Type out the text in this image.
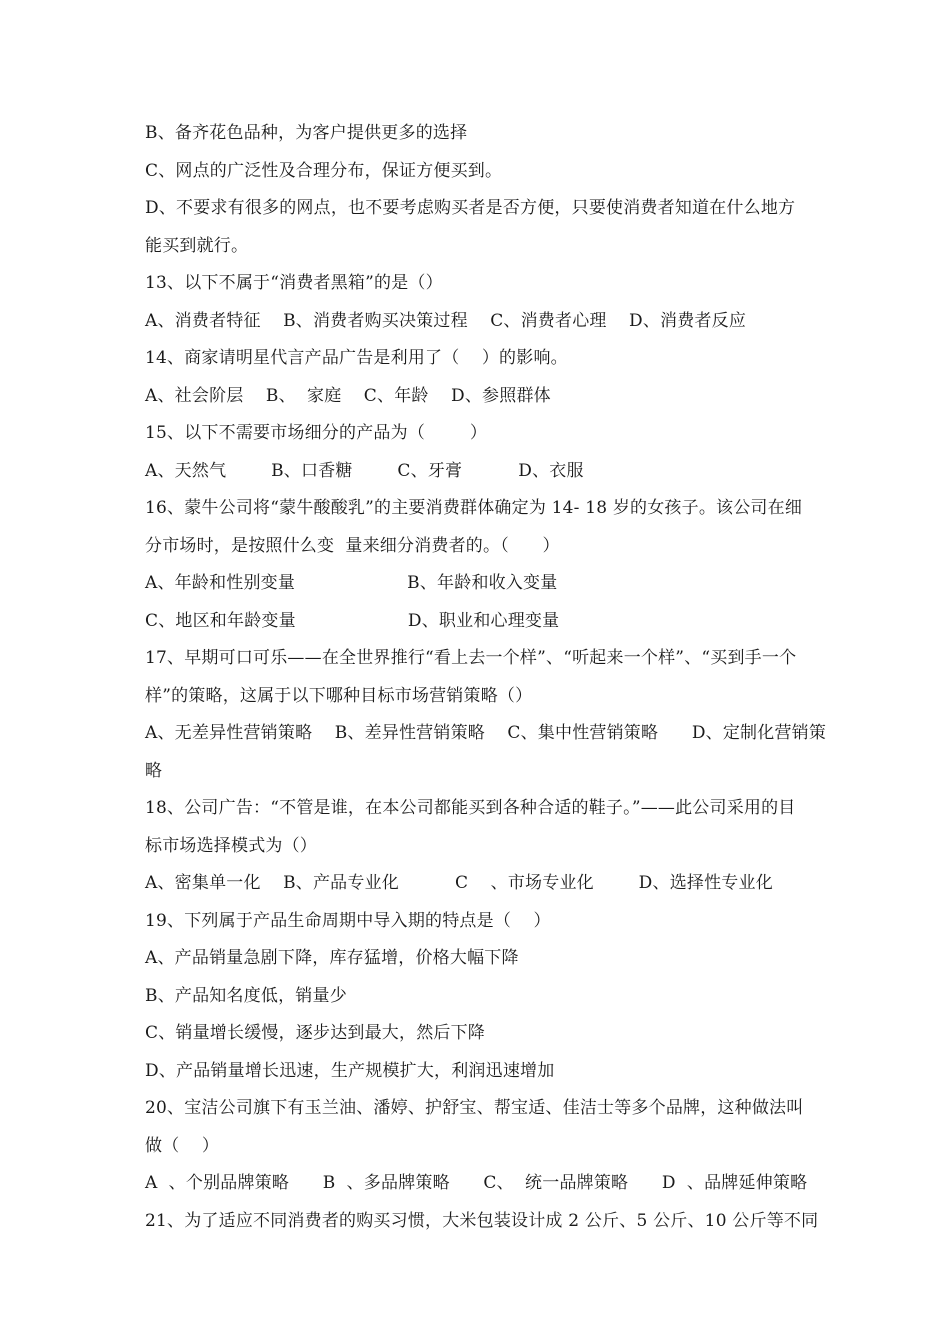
B、备齐花色品种，为客户提供更多的选择
C、网点的广泛性及合理分布，保证方便买到。
D、不要求有很多的网点，也不要考虑购买者是否方便，只要使消费者知道在什么地方
能买到就行。
13、以下不属于“消费者黑箱”的是（）
A、消费者特征    B、消费者购买决策过程    C、消费者心理    D、消费者反应
14、商家请明星代言产品广告是利用了（    ）的影响。
A、社会阶层    B、  家庭    C、年龄    D、参照群体
15、以下不需要市场细分的产品为（        ）
A、天然气        B、口香糖        C、牙膏          D、衣服
16、蒙牛公司将“蒙牛酸酸乳”的主要消费群体确定为 14- 18 岁的女孩子。该公司在细
分市场时，是按照什么变  量来细分消费者的。（      ）
A、年龄和性别变量                    B、年龄和收入变量
C、地区和年龄变量                    D、职业和心理变量
17、早期可口可乐——在全世界推行“看上去一个样”、“听起来一个样”、“买到手一个
样”的策略，这属于以下哪种目标市场营销策略（）
A、无差异性营销策略    B、差异性营销策略    C、集中性营销策略      D、定制化营销策
略
18、公司广告：“不管是谁，在本公司都能买到各种合适的鞋子。”——此公司采用的目
标市场选择模式为（）
A、密集单一化    B、产品专业化          C    、市场专业化        D、选择性专业化
19、下列属于产品生命周期中导入期的特点是（    ）
A、产品销量急剧下降，库存猛增，价格大幅下降
B、产品知名度低，销量少
C、销量增长缓慢，逐步达到最大，然后下降
D、产品销量增长迅速，生产规模扩大，利润迅速增加
20、宝洁公司旗下有玉兰油、潘婷、护舒宝、帮宝适、佳洁士等多个品牌，这种做法叫
做（    ）
A  、个别品牌策略      B  、多品牌策略      C、  统一品牌策略      D  、品牌延伸策略
21、为了适应不同消费者的购买习惯，大米包装设计成 2 公斤、5 公斤、10 公斤等不同
